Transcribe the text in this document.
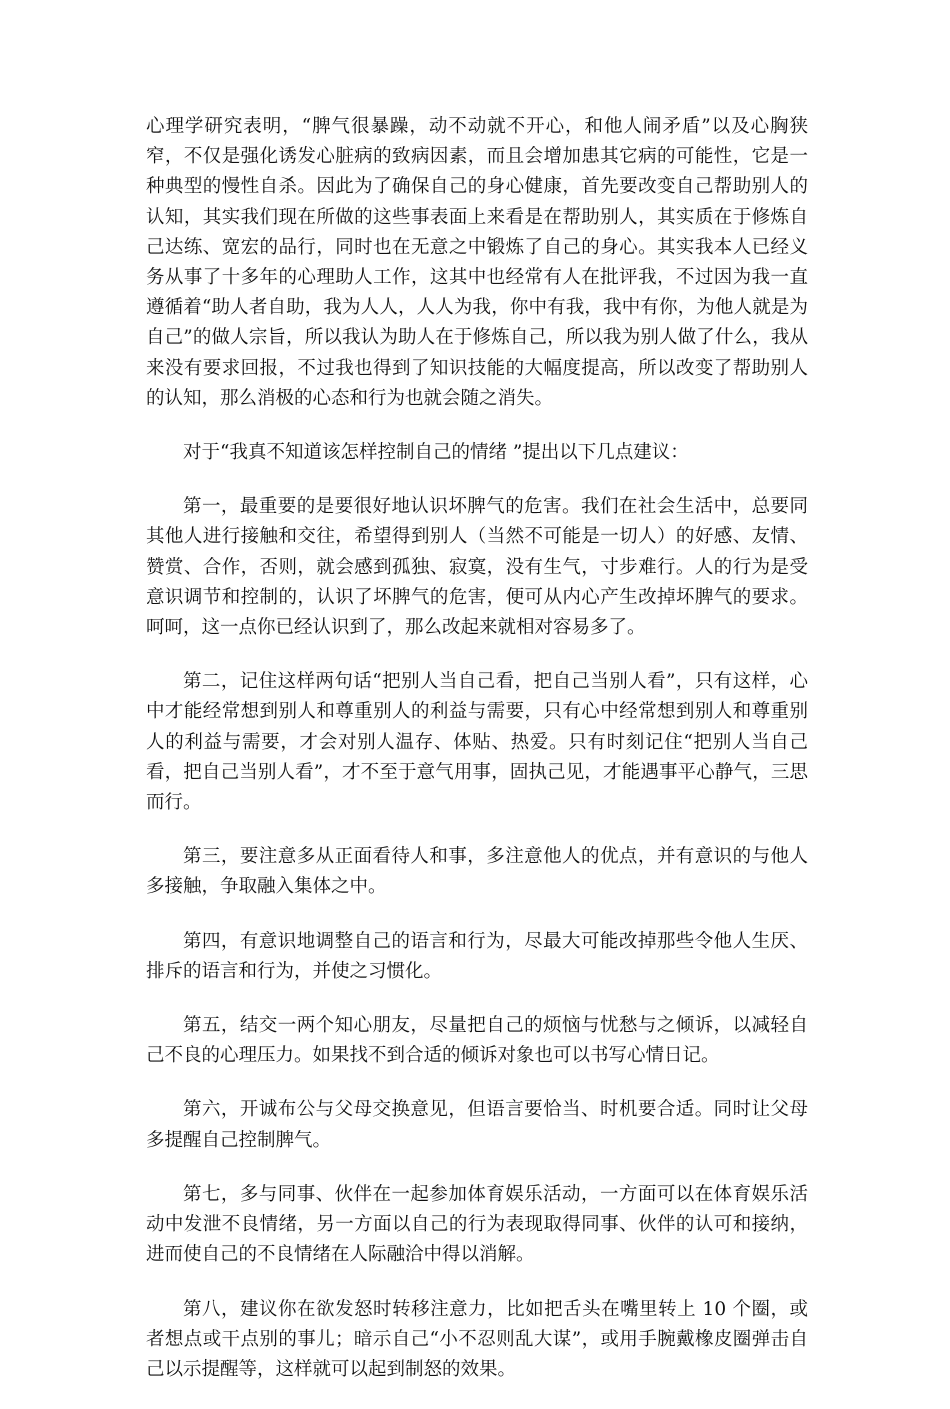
心理学研究表明，“脾气很暴躁，动不动就不开心，和他人闹矛盾”以及心胸狭窄，不仅是强化诱发心脏病的致病因素，而且会增加患其它病的可能性，它是一种典型的慢性自杀。因此为了确保自己的身心健康，首先要改变自己帮助别人的认知，其实我们现在所做的这些事表面上来看是在帮助别人，其实质在于修炼自己达练、宽宏的品行，同时也在无意之中锻炼了自己的身心。其实我本人已经义务从事了十多年的心理助人工作，这其中也经常有人在批评我，不过因为我一直遵循着“助人者自助，我为人人，人人为我，你中有我，我中有你，为他人就是为自己”的做人宗旨，所以我认为助人在于修炼自己，所以我为别人做了什么，我从来没有要求回报，不过我也得到了知识技能的大幅度提高，所以改变了帮助别人的认知，那么消极的心态和行为也就会随之消失。

对于“我真不知道该怎样控制自己的情绪 ”提出以下几点建议：

第一，最重要的是要很好地认识坏脾气的危害。我们在社会生活中，总要同其他人进行接触和交往，希望得到别人（当然不可能是一切人）的好感、友情、赞赏、合作，否则，就会感到孤独、寂寞，没有生气，寸步难行。人的行为是受意识调节和控制的，认识了坏脾气的危害，便可从内心产生改掉坏脾气的要求。呵呵，这一点你已经认识到了，那么改起来就相对容易多了。

第二，记住这样两句话“把别人当自己看，把自己当别人看”，只有这样，心中才能经常想到别人和尊重别人的利益与需要，只有心中经常想到别人和尊重别人的利益与需要，才会对别人温存、体贴、热爱。只有时刻记住“把别人当自己看，把自己当别人看”，才不至于意气用事，固执己见，才能遇事平心静气，三思而行。

第三，要注意多从正面看待人和事，多注意他人的优点，并有意识的与他人多接触，争取融入集体之中。

第四，有意识地调整自己的语言和行为，尽最大可能改掉那些令他人生厌、排斥的语言和行为，并使之习惯化。

第五，结交一两个知心朋友，尽量把自己的烦恼与忧愁与之倾诉，以减轻自己不良的心理压力。如果找不到合适的倾诉对象也可以书写心情日记。

第六，开诚布公与父母交换意见，但语言要恰当、时机要合适。同时让父母多提醒自己控制脾气。

第七，多与同事、伙伴在一起参加体育娱乐活动，一方面可以在体育娱乐活动中发泄不良情绪，另一方面以自己的行为表现取得同事、伙伴的认可和接纳，进而使自己的不良情绪在人际融洽中得以消解。

第八，建议你在欲发怒时转移注意力，比如把舌头在嘴里转上 10 个圈，或者想点或干点别的事儿；暗示自己“小不忍则乱大谋”，或用手腕戴橡皮圈弹击自己以示提醒等，这样就可以起到制怒的效果。
